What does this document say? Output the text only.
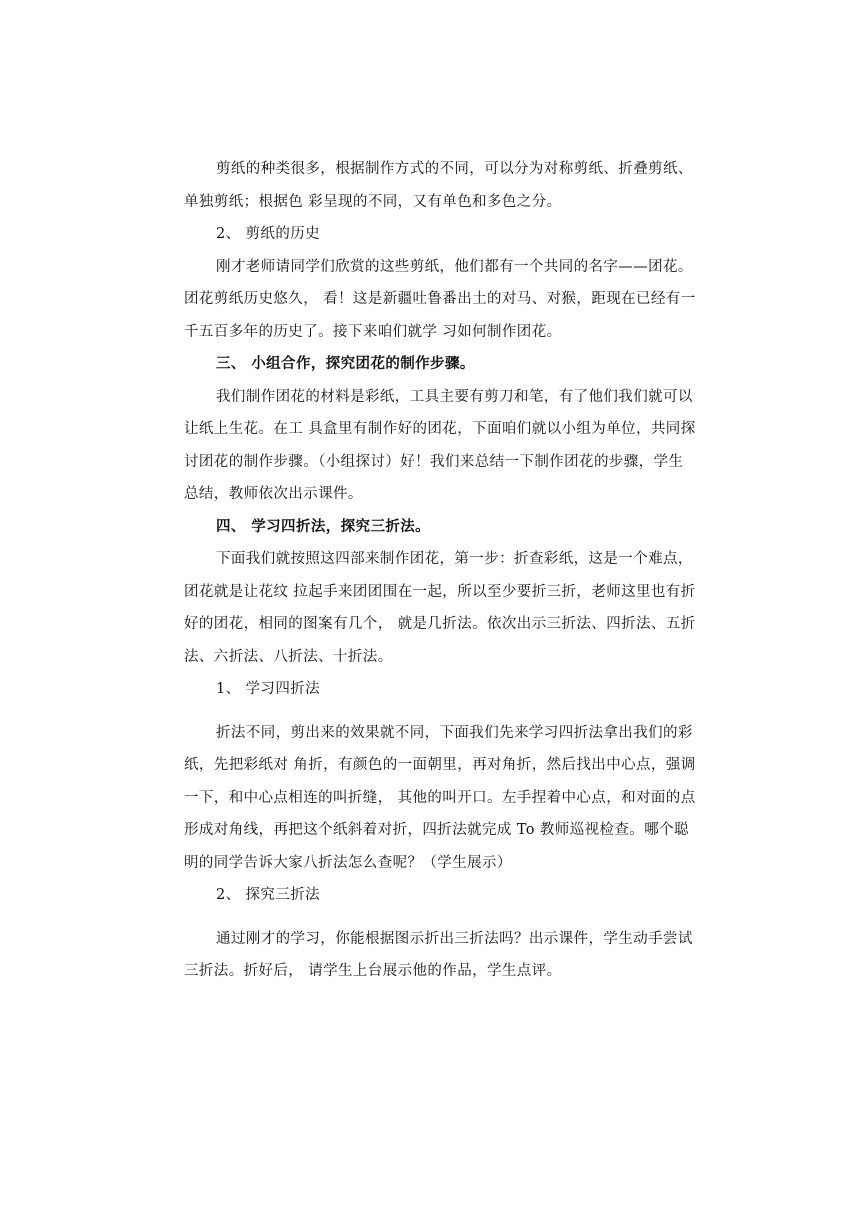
剪纸的种类很多，根据制作方式的不同，可以分为对称剪纸、折叠剪纸、
单独剪纸；根据色 彩呈现的不同，又有单色和多色之分。
2、 剪纸的历史
刚才老师请同学们欣赏的这些剪纸，他们都有一个共同的名字——团花。
团花剪纸历史悠久， 看！这是新疆吐鲁番出土的对马、对猴，距现在已经有一
千五百多年的历史了。接下来咱们就学 习如何制作团花。
三、 小组合作，探究团花的制作步骤。
我们制作团花的材料是彩纸，工具主要有剪刀和笔，有了他们我们就可以
让纸上生花。在工 具盒里有制作好的团花，下面咱们就以小组为单位，共同探
讨团花的制作步骤。（小组探讨）好！我们来总结一下制作团花的步骤，学生
总结，教师依次出示课件。
四、 学习四折法，探究三折法。
下面我们就按照这四部来制作团花，第一步：折查彩纸，这是一个难点，
团花就是让花纹 拉起手来团团围在一起，所以至少要折三折，老师这里也有折
好的团花，相同的图案有几个， 就是几折法。依次出示三折法、四折法、五折
法、六折法、八折法、十折法。
1、 学习四折法
折法不同，剪出来的效果就不同，下面我们先来学习四折法拿出我们的彩
纸，先把彩纸对 角折，有颜色的一面朝里，再对角折，然后找出中心点，强调
一下，和中心点相连的叫折缝， 其他的叫开口。左手捏着中心点，和对面的点
形成对角线，再把这个纸斜着对折，四折法就完成 To 教师巡视检查。哪个聪
明的同学告诉大家八折法怎么查呢？（学生展示）
2、 探究三折法
通过刚才的学习，你能根据图示折出三折法吗？出示课件，学生动手尝试
三折法。折好后， 请学生上台展示他的作品，学生点评。
